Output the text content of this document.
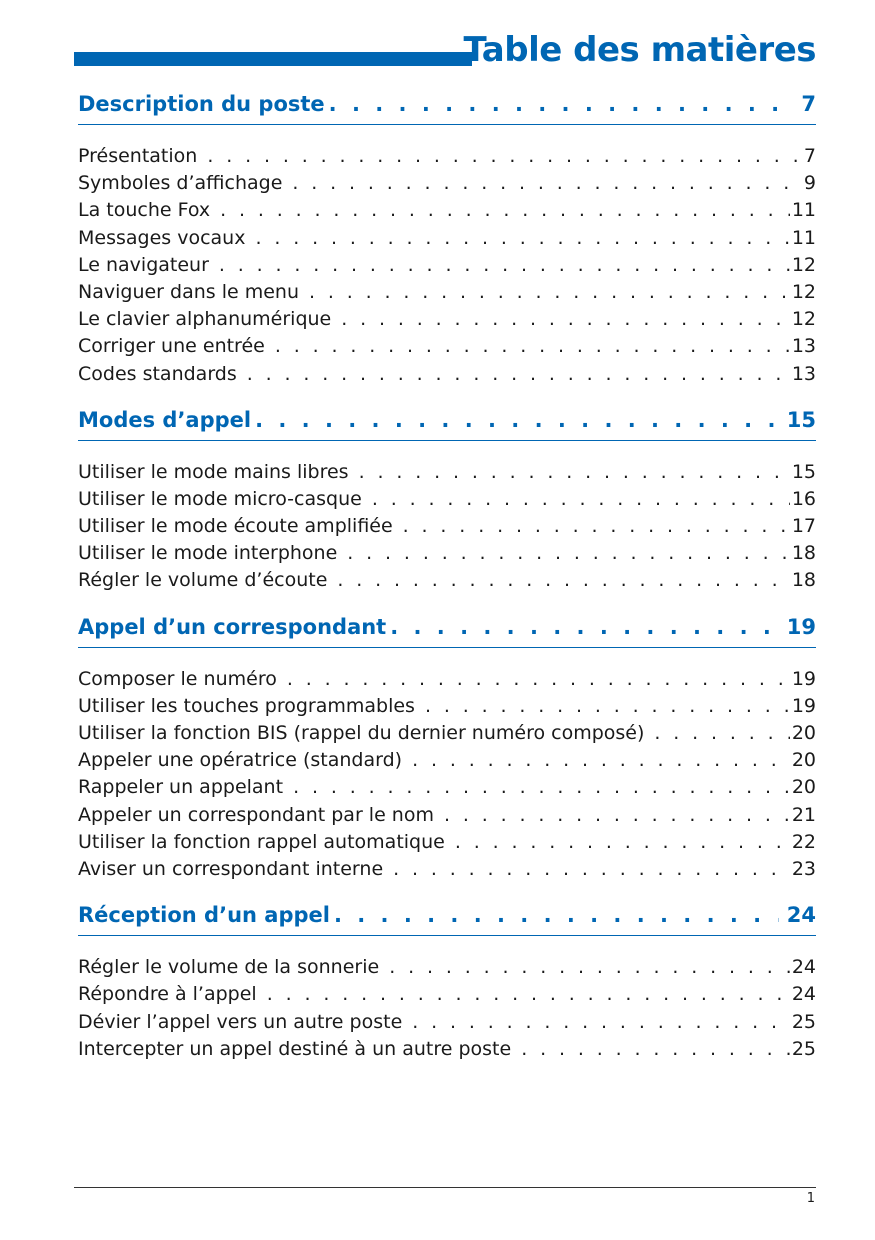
Table des matières
Description du poste . . .	7
Présentation . . .	7
Symboles d’affichage . . .	9
La touche Fox . . .	11
Messages vocaux . . .	11
Le navigateur . . .	12
Naviguer dans le menu . . .	12
Le clavier alphanumérique . . .	12
Corriger une entrée . . .	13
Codes standards . . .	13
Modes d’appel . . .	15
Utiliser le mode mains libres . . .	15
Utiliser le mode micro-casque . . .	16
Utiliser le mode écoute amplifiée . . .	17
Utiliser le mode interphone . . .	18
Régler le volume d’écoute . . .	18
Appel d’un correspondant . . .	19
Composer le numéro . . .	19
Utiliser les touches programmables . . .	19
Utiliser la fonction BIS (rappel du dernier numéro composé) . . .	20
Appeler une opératrice (standard) . . .	20
Rappeler un appelant . . .	20
Appeler un correspondant par le nom . . .	21
Utiliser la fonction rappel automatique . . .	22
Aviser un correspondant interne . . .	23
Réception d’un appel . . .	24
Régler le volume de la sonnerie . . .	24
Répondre à l’appel . . .	24
Dévier l’appel vers un autre poste . . .	25
Intercepter un appel destiné à un autre poste . . .	25
1
